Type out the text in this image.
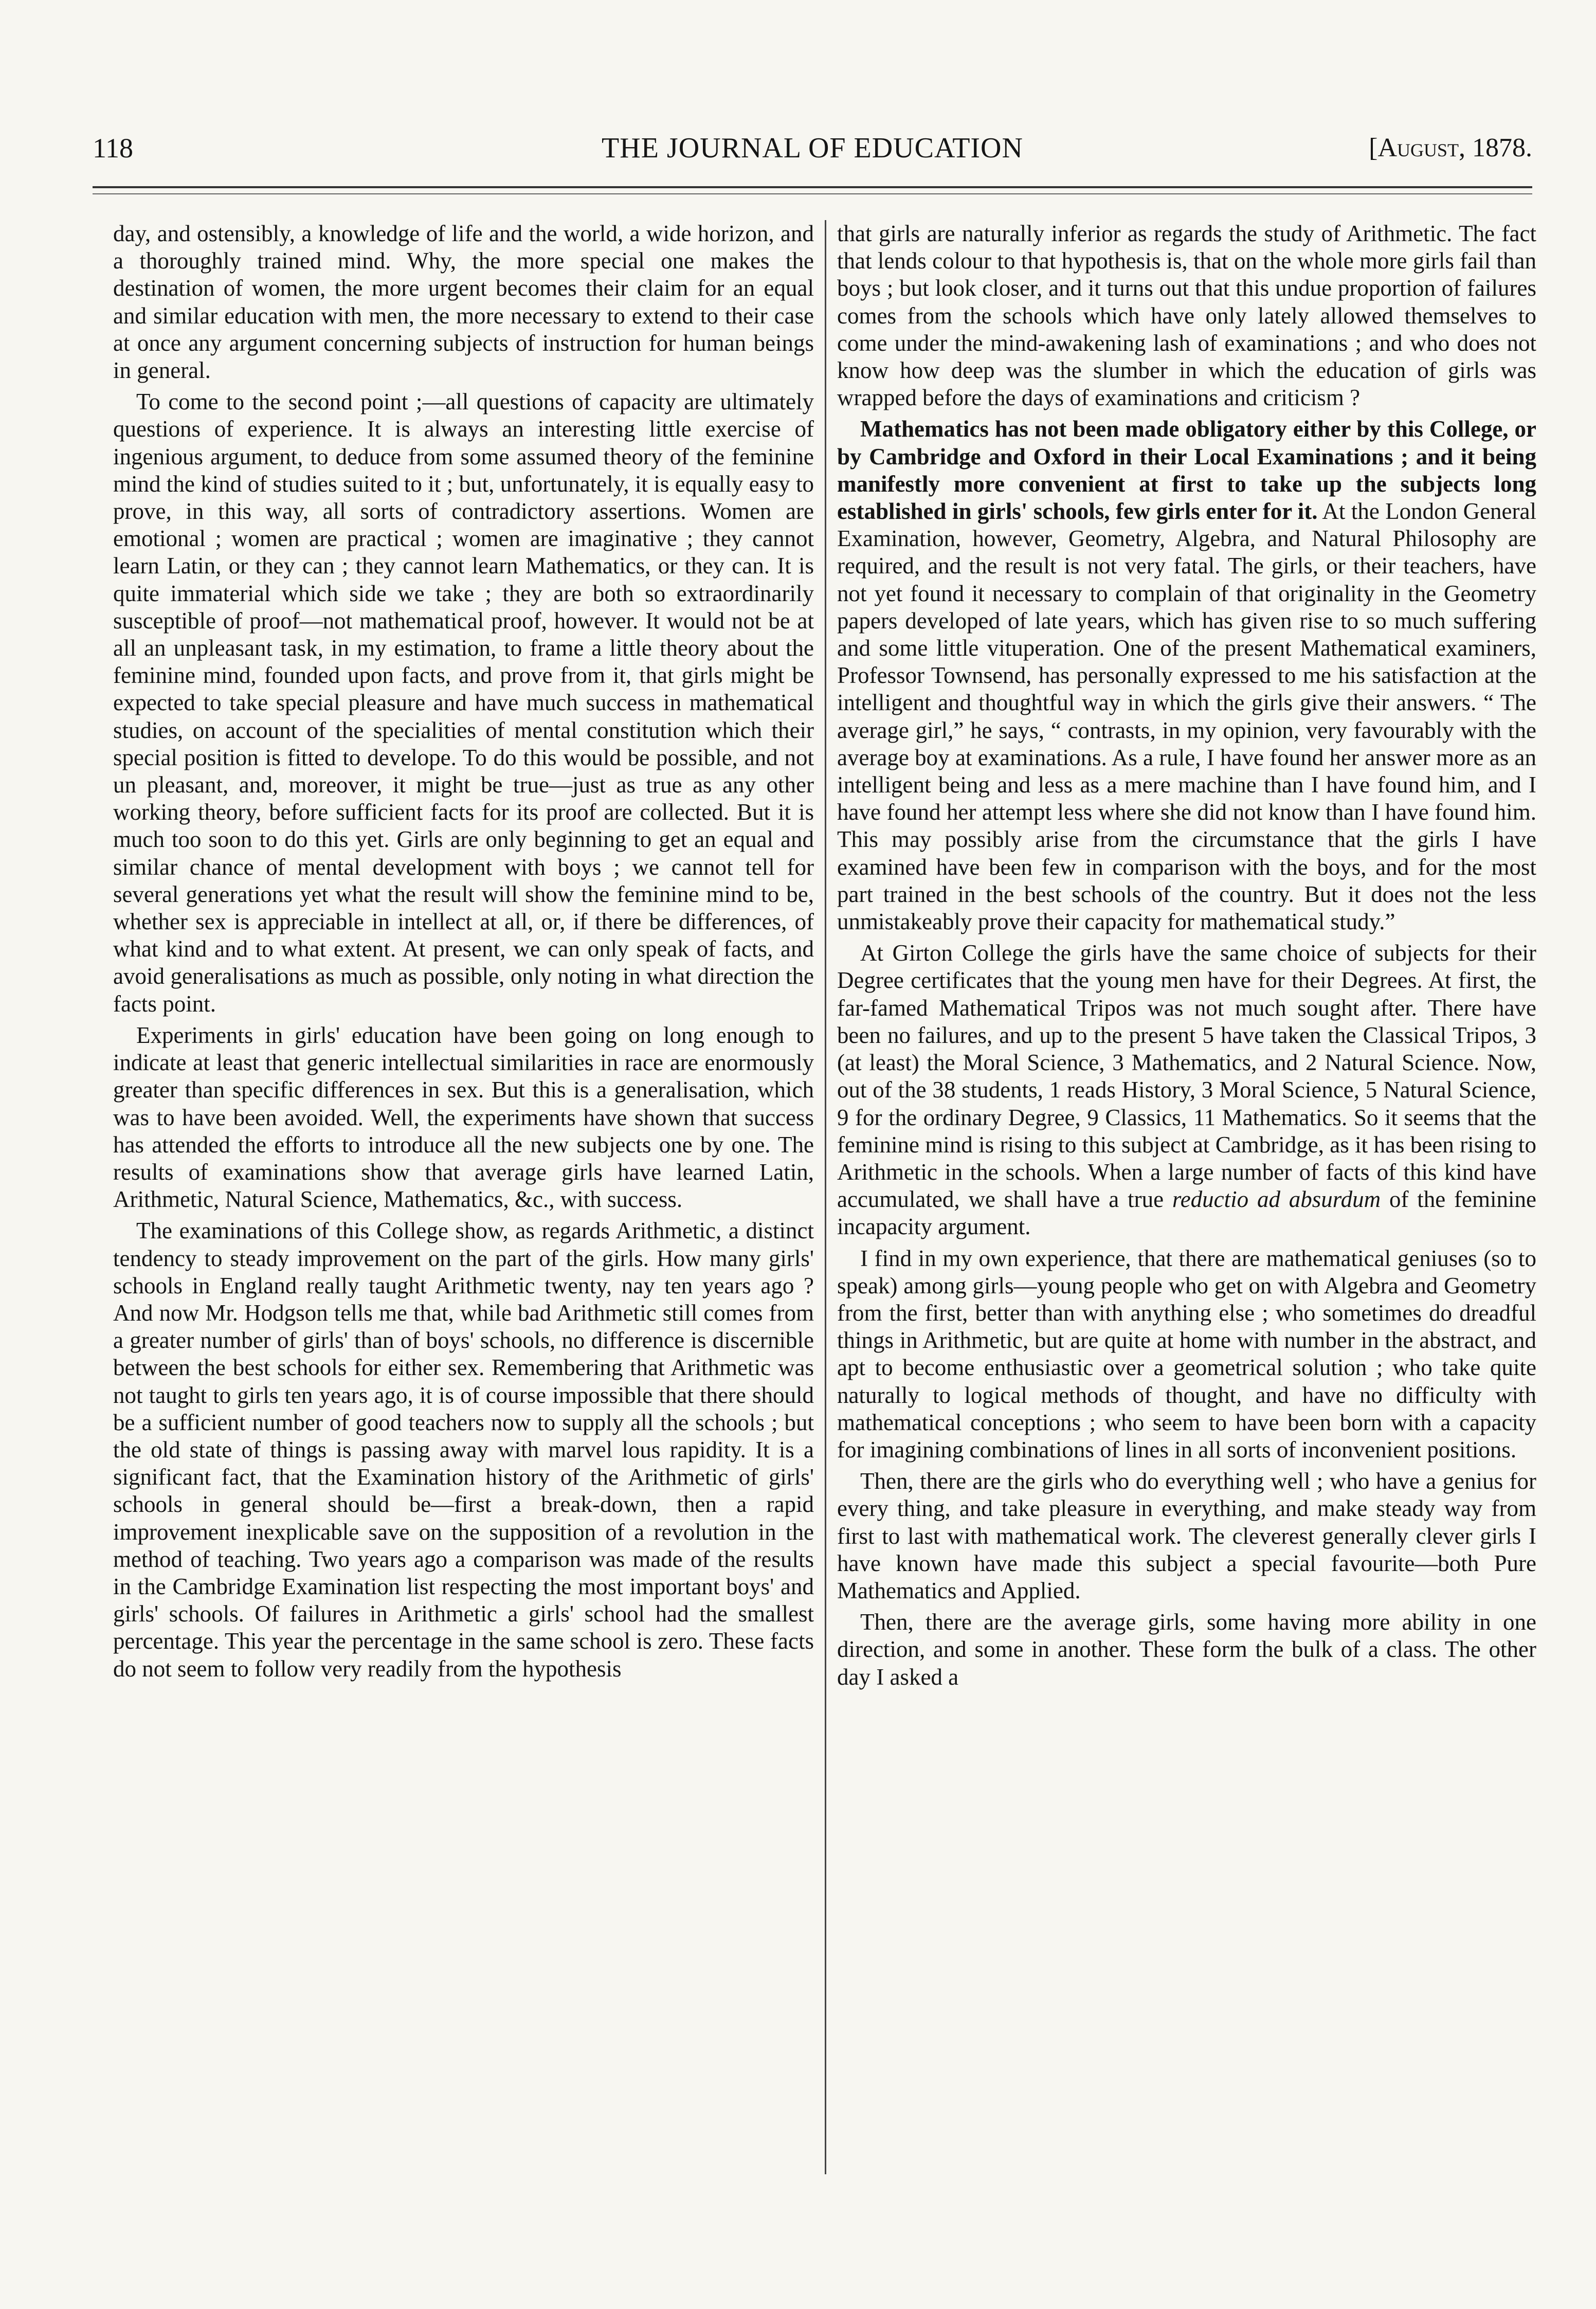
118	THE JOURNAL OF EDUCATION	[August, 1878.

day, and ostensibly, a knowledge of life and the world, a wide horizon, and a thoroughly trained mind. Why, the more special one makes the destination of women, the more urgent becomes their claim for an equal and similar education with men, the more necessary to extend to their case at once any argument concerning subjects of instruction for human beings in general.

To come to the second point ;—all questions of capacity are ultimately questions of experience. It is always an interesting little exercise of ingenious argument, to deduce from some assumed theory of the feminine mind the kind of studies suited to it ; but, unfortunately, it is equally easy to prove, in this way, all sorts of contradictory assertions. Women are emotional ; women are practical ; women are imaginative ; they cannot learn Latin, or they can ; they cannot learn Mathematics, or they can. It is quite immaterial which side we take ; they are both so extraordinarily susceptible of proof—not mathematical proof, however. It would not be at all an unpleasant task, in my estimation, to frame a little theory about the feminine mind, founded upon facts, and prove from it, that girls might be expected to take special pleasure and have much success in mathematical studies, on account of the specialities of mental constitution which their special position is fitted to develope. To do this would be possible, and not un pleasant, and, moreover, it might be true—just as true as any other working theory, before sufficient facts for its proof are collected. But it is much too soon to do this yet. Girls are only beginning to get an equal and similar chance of mental development with boys ; we cannot tell for several generations yet what the result will show the feminine mind to be, whether sex is appreciable in intellect at all, or, if there be differences, of what kind and to what extent. At present, we can only speak of facts, and avoid generalisations as much as possible, only noting in what direction the facts point.

Experiments in girls' education have been going on long enough to indicate at least that generic intellectual similarities in race are enormously greater than specific differences in sex. But this is a generalisation, which was to have been avoided. Well, the experiments have shown that success has attended the efforts to introduce all the new subjects one by one. The results of examinations show that average girls have learned Latin, Arithmetic, Natural Science, Mathematics, &c., with success.

The examinations of this College show, as regards Arithmetic, a distinct tendency to steady improvement on the part of the girls. How many girls' schools in England really taught Arithmetic twenty, nay ten years ago ? And now Mr. Hodgson tells me that, while bad Arithmetic still comes from a greater number of girls' than of boys' schools, no difference is discernible between the best schools for either sex. Remembering that Arithmetic was not taught to girls ten years ago, it is of course impossible that there should be a sufficient number of good teachers now to supply all the schools ; but the old state of things is passing away with marvel lous rapidity. It is a significant fact, that the Examination history of the Arithmetic of girls' schools in general should be—first a break-down, then a rapid improvement inexplicable save on the supposition of a revolution in the method of teaching. Two years ago a comparison was made of the results in the Cambridge Examination list respecting the most important boys' and girls' schools. Of failures in Arithmetic a girls' school had the smallest percentage. This year the percentage in the same school is zero. These facts do not seem to follow very readily from the hypothesis

that girls are naturally inferior as regards the study of Arithmetic. The fact that lends colour to that hypothesis is, that on the whole more girls fail than boys ; but look closer, and it turns out that this undue proportion of failures comes from the schools which have only lately allowed themselves to come under the mind-awakening lash of examinations ; and who does not know how deep was the slumber in which the education of girls was wrapped before the days of examinations and criticism ?

Mathematics has not been made obligatory either by this College, or by Cambridge and Oxford in their Local Examinations ; and it being manifestly more convenient at first to take up the subjects long established in girls' schools, few girls enter for it. At the London General Examination, however, Geometry, Algebra, and Natural Philosophy are required, and the result is not very fatal. The girls, or their teachers, have not yet found it necessary to complain of that originality in the Geometry papers developed of late years, which has given rise to so much suffering and some little vituperation. One of the present Mathematical examiners, Professor Townsend, has personally expressed to me his satisfaction at the intelligent and thoughtful way in which the girls give their answers. “ The average girl,” he says, “ contrasts, in my opinion, very favourably with the average boy at examinations. As a rule, I have found her answer more as an intelligent being and less as a mere machine than I have found him, and I have found her attempt less where she did not know than I have found him. This may possibly arise from the circumstance that the girls I have examined have been few in comparison with the boys, and for the most part trained in the best schools of the country. But it does not the less unmistakeably prove their capacity for mathematical study.”

At Girton College the girls have the same choice of subjects for their Degree certificates that the young men have for their Degrees. At first, the far-famed Mathematical Tripos was not much sought after. There have been no failures, and up to the present 5 have taken the Classical Tripos, 3 (at least) the Moral Science, 3 Mathematics, and 2 Natural Science. Now, out of the 38 students, 1 reads History, 3 Moral Science, 5 Natural Science, 9 for the ordinary Degree, 9 Classics, 11 Mathematics. So it seems that the feminine mind is rising to this subject at Cambridge, as it has been rising to Arithmetic in the schools. When a large number of facts of this kind have accumulated, we shall have a true reductio ad absurdum of the feminine incapacity argument.

I find in my own experience, that there are mathematical geniuses (so to speak) among girls—young people who get on with Algebra and Geometry from the first, better than with anything else ; who sometimes do dreadful things in Arithmetic, but are quite at home with number in the abstract, and apt to become enthusiastic over a geometrical solution ; who take quite naturally to logical methods of thought, and have no difficulty with mathematical conceptions ; who seem to have been born with a capacity for imagining combinations of lines in all sorts of inconvenient positions.

Then, there are the girls who do everything well ; who have a genius for every thing, and take pleasure in everything, and make steady way from first to last with mathematical work. The cleverest generally clever girls I have known have made this subject a special favourite—both Pure Mathematics and Applied.

Then, there are the average girls, some having more ability in one direction, and some in another. These form the bulk of a class. The other day I asked a
